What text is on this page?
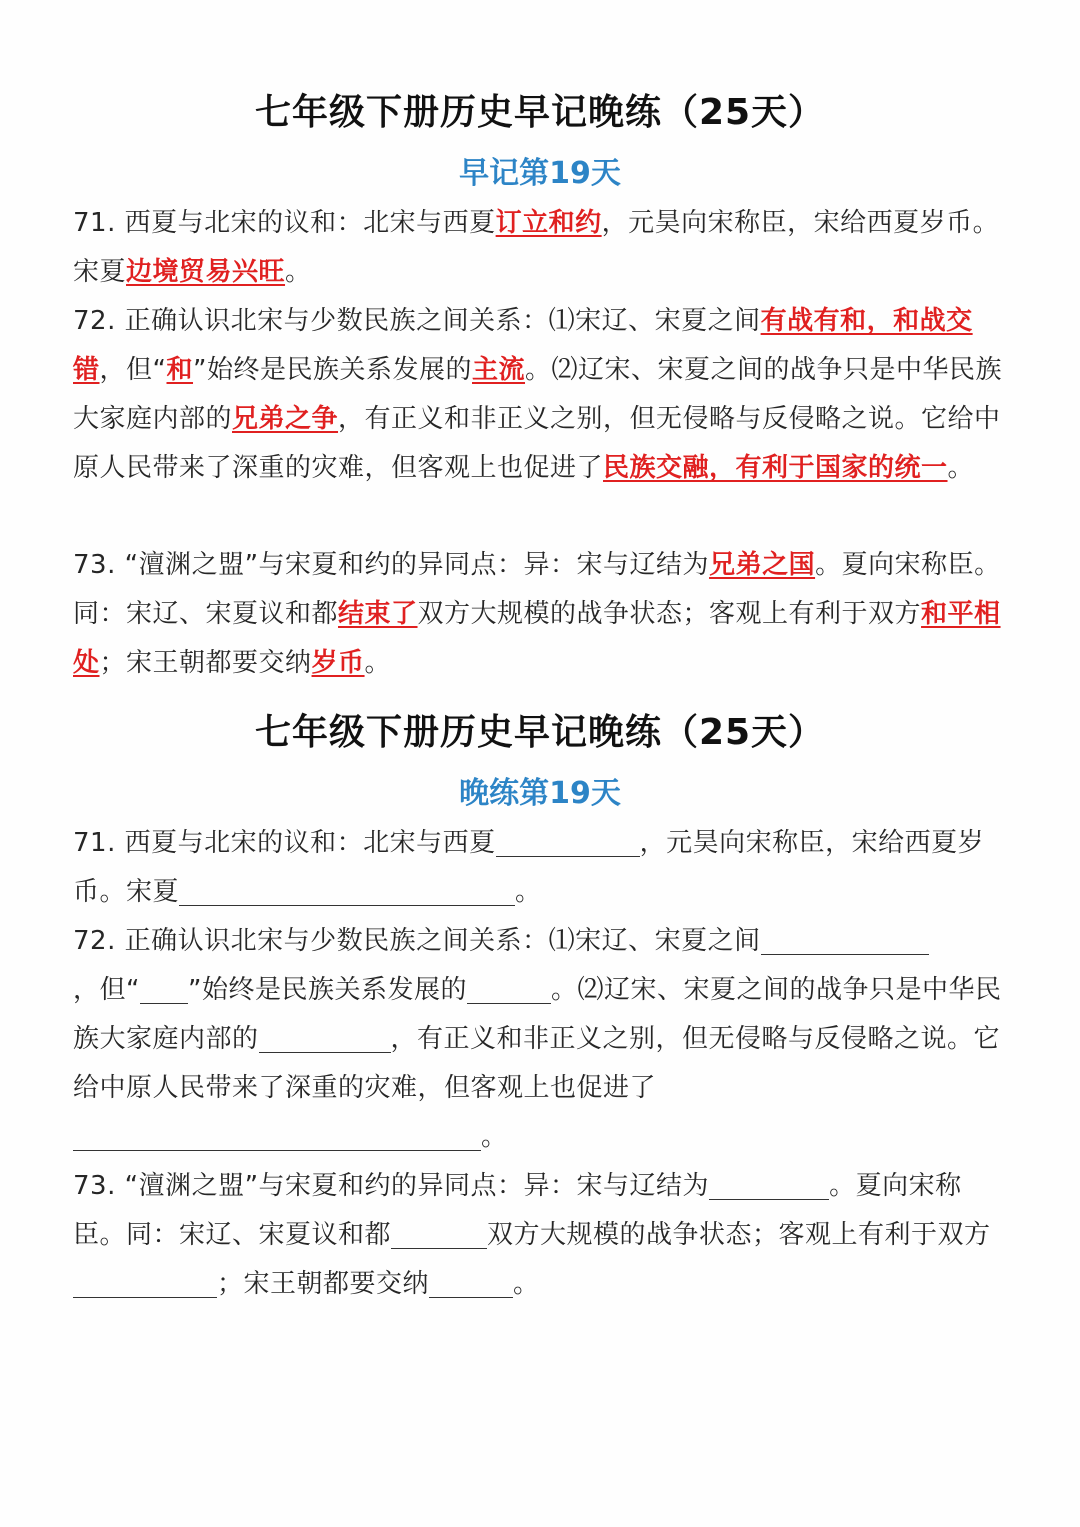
七年级下册历史早记晚练（25天）
早记第19天
71. 西夏与北宋的议和：北宋与西夏订立和约，元昊向宋称臣，宋给西夏岁币。宋夏边境贸易兴旺。
72. 正确认识北宋与少数民族之间关系：⑴宋辽、宋夏之间有战有和，和战交错，但“和”始终是民族关系发展的主流。⑵辽宋、宋夏之间的战争只是中华民族大家庭内部的兄弟之争，有正义和非正义之别，但无侵略与反侵略之说。它给中原人民带来了深重的灾难，但客观上也促进了民族交融，有利于国家的统一。
73. “澶渊之盟”与宋夏和约的异同点：异：宋与辽结为兄弟之国。夏向宋称臣。同：宋辽、宋夏议和都结束了双方大规模的战争状态；客观上有利于双方和平相处；宋王朝都要交纳岁币。
七年级下册历史早记晚练（25天）
晚练第19天
71. 西夏与北宋的议和：北宋与西夏	，元昊向宋称臣，宋给西夏岁币。宋夏	。
72. 正确认识北宋与少数民族之间关系：⑴宋辽、宋夏之间，但“ ”始终是民族关系发展的	。⑵辽宋、宋夏之间的战争只是中华民族大家庭内部的	，有正义和非正义之别，但无侵略与反侵略之说。它给中原人民带来了深重的灾难，但客观上也促进了。
73. “澶渊之盟”与宋夏和约的异同点：异：宋与辽结为	。夏向宋称臣。同：宋辽、宋夏议和都	双方大规模的战争状态；客观上有利于双方；宋王朝都要交纳	。
